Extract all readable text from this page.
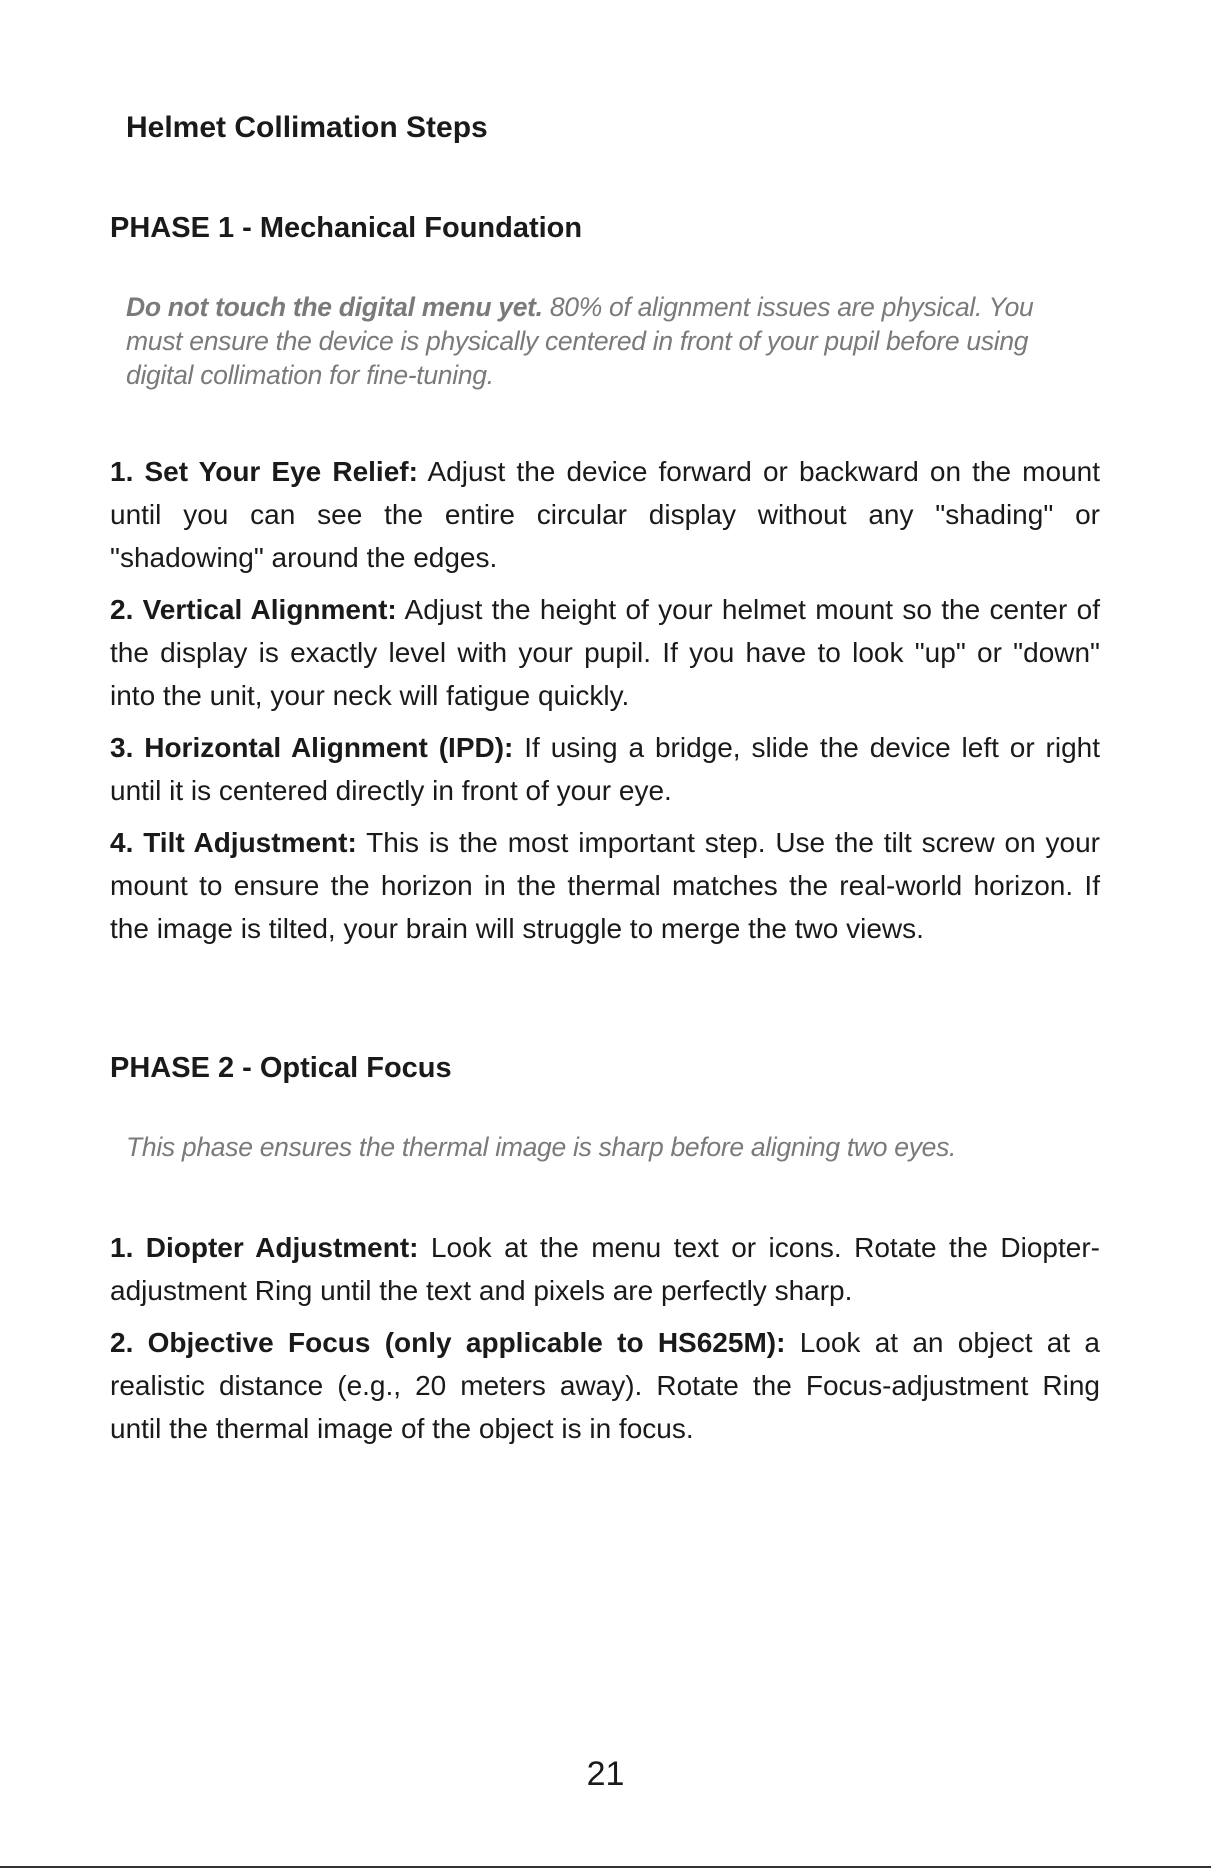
Helmet Collimation Steps
PHASE 1 - Mechanical Foundation

Do not touch the digital menu yet. 80% of alignment issues are physical. You must ensure the device is physically centered in front of your pupil before using digital collimation for fine-tuning.

1. Set Your Eye Relief: Adjust the device forward or backward on the mount until you can see the entire circular display without any "shading" or "shadowing" around the edges.
2. Vertical Alignment: Adjust the height of your helmet mount so the center of the display is exactly level with your pupil. If you have to look "up" or "down" into the unit, your neck will fatigue quickly.
3. Horizontal Alignment (IPD): If using a bridge, slide the device left or right until it is centered directly in front of your eye.
4. Tilt Adjustment: This is the most important step. Use the tilt screw on your mount to ensure the horizon in the thermal matches the real-world horizon. If the image is tilted, your brain will struggle to merge the two views.
PHASE 2 - Optical Focus

This phase ensures the thermal image is sharp before aligning two eyes.

1. Diopter Adjustment: Look at the menu text or icons. Rotate the Diopter-adjustment Ring until the text and pixels are perfectly sharp.
2. Objective Focus (only applicable to HS625M): Look at an object at a realistic distance (e.g., 20 meters away). Rotate the Focus-adjustment Ring until the thermal image of the object is in focus.

21
